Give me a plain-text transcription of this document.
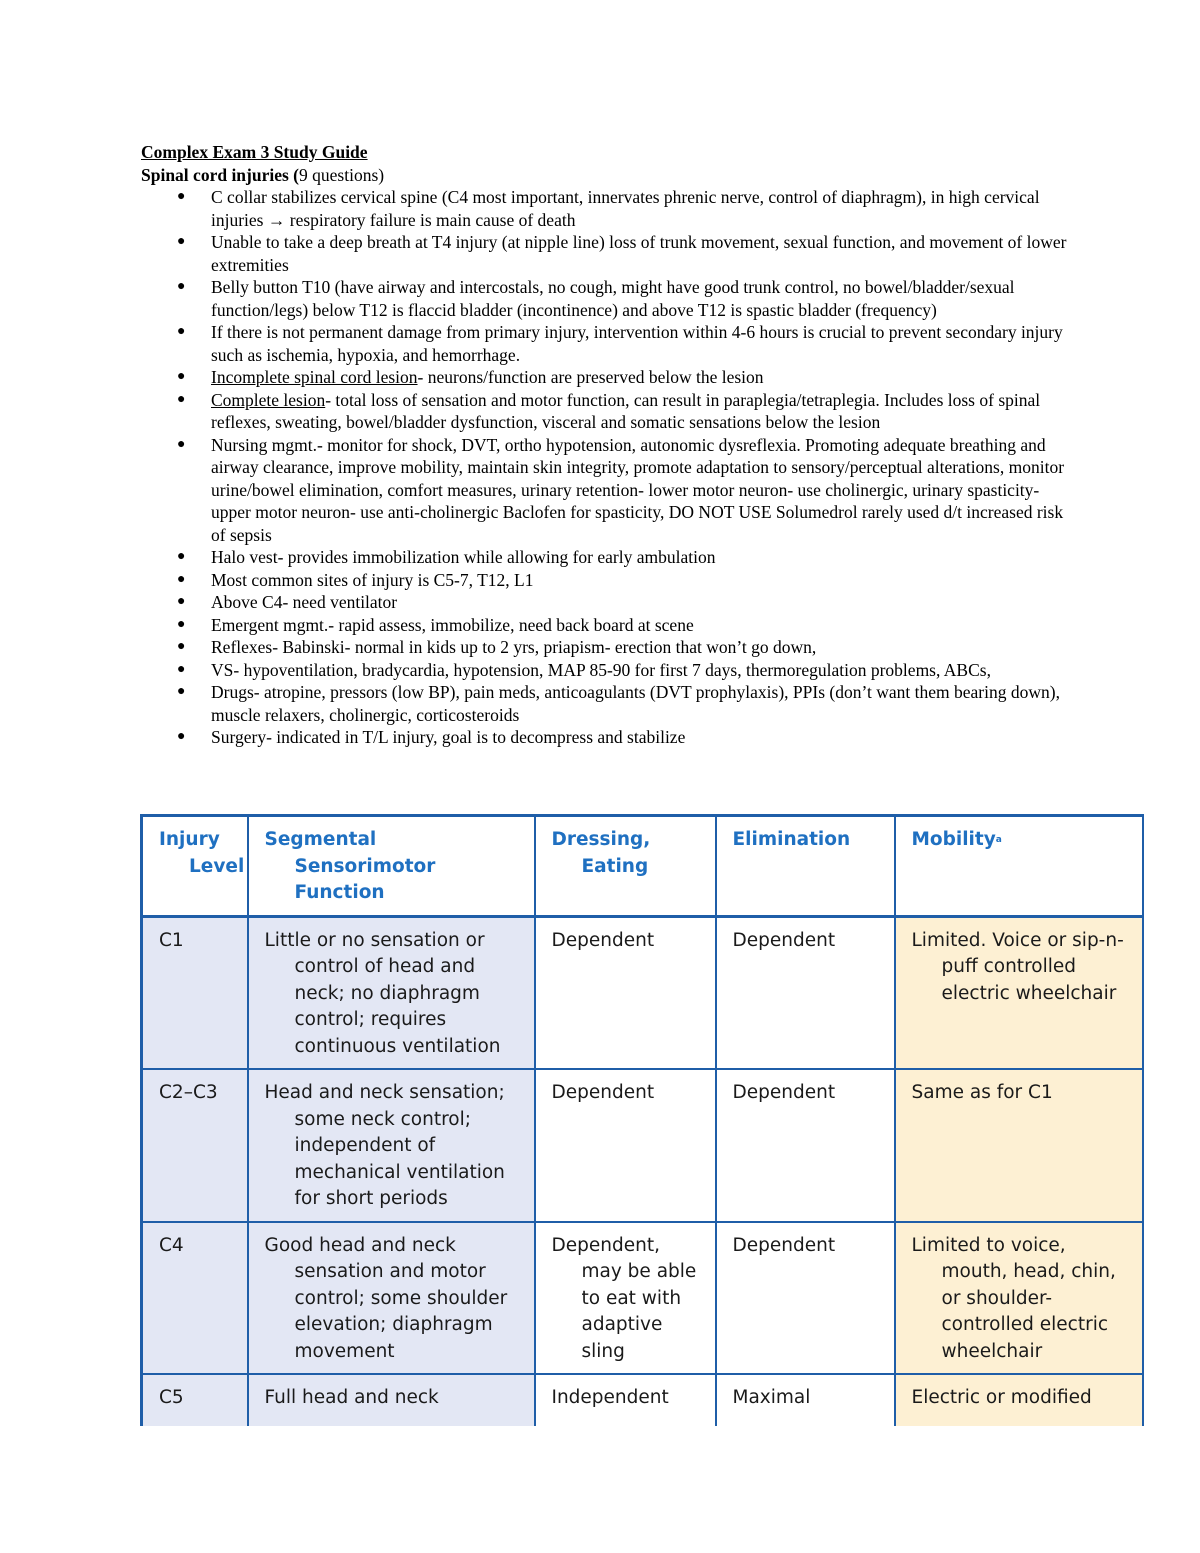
Complex Exam 3 Study Guide

Spinal cord injuries (9 questions)

● C collar stabilizes cervical spine (C4 most important, innervates phrenic nerve, control of diaphragm), in high cervical injuries → respiratory failure is main cause of death
● Unable to take a deep breath at T4 injury (at nipple line) loss of trunk movement, sexual function, and movement of lower extremities
● Belly button T10 (have airway and intercostals, no cough, might have good trunk control, no bowel/bladder/sexual function/legs) below T12 is flaccid bladder (incontinence) and above T12 is spastic bladder (frequency)
● If there is not permanent damage from primary injury, intervention within 4-6 hours is crucial to prevent secondary injury such as ischemia, hypoxia, and hemorrhage.
● Incomplete spinal cord lesion- neurons/function are preserved below the lesion
● Complete lesion- total loss of sensation and motor function, can result in paraplegia/tetraplegia. Includes loss of spinal reflexes, sweating, bowel/bladder dysfunction, visceral and somatic sensations below the lesion
● Nursing mgmt.- monitor for shock, DVT, ortho hypotension, autonomic dysreflexia. Promoting adequate breathing and airway clearance, improve mobility, maintain skin integrity, promote adaptation to sensory/perceptual alterations, monitor urine/bowel elimination, comfort measures, urinary retention- lower motor neuron- use cholinergic, urinary spasticity- upper motor neuron- use anti-cholinergic Baclofen for spasticity, DO NOT USE Solumedrol rarely used d/t increased risk of sepsis
● Halo vest- provides immobilization while allowing for early ambulation
● Most common sites of injury is C5-7, T12, L1
● Above C4- need ventilator
● Emergent mgmt.- rapid assess, immobilize, need back board at scene
● Reflexes- Babinski- normal in kids up to 2 yrs, priapism- erection that won’t go down,
● VS- hypoventilation, bradycardia, hypotension, MAP 85-90 for first 7 days, thermoregulation problems, ABCs,
● Drugs- atropine, pressors (low BP), pain meds, anticoagulants (DVT prophylaxis), PPIs (don’t want them bearing down), muscle relaxers, cholinergic, corticosteroids
● Surgery- indicated in T/L injury, goal is to decompress and stabilize
Injury Level	Segmental Sensorimotor Function	Dressing, Eating	Elimination	Mobility$^a$

C1	Little or no sensation or control of head and neck; no diaphragm control; requires continuous ventilation	Dependent	Dependent	Limited. Voice or sip-n-puff controlled electric wheelchair

C2–C3	Head and neck sensation; some neck control; independent of mechanical ventilation for short periods	Dependent	Dependent	Same as for C1

C4	Good head and neck sensation and motor control; some shoulder elevation; diaphragm movement	Dependent, may be able to eat with adaptive sling	Dependent	Limited to voice, mouth, head, chin, or shoulder-controlled electric wheelchair

C5	Full head and neck	Independent	Maximal	Electric or modified
